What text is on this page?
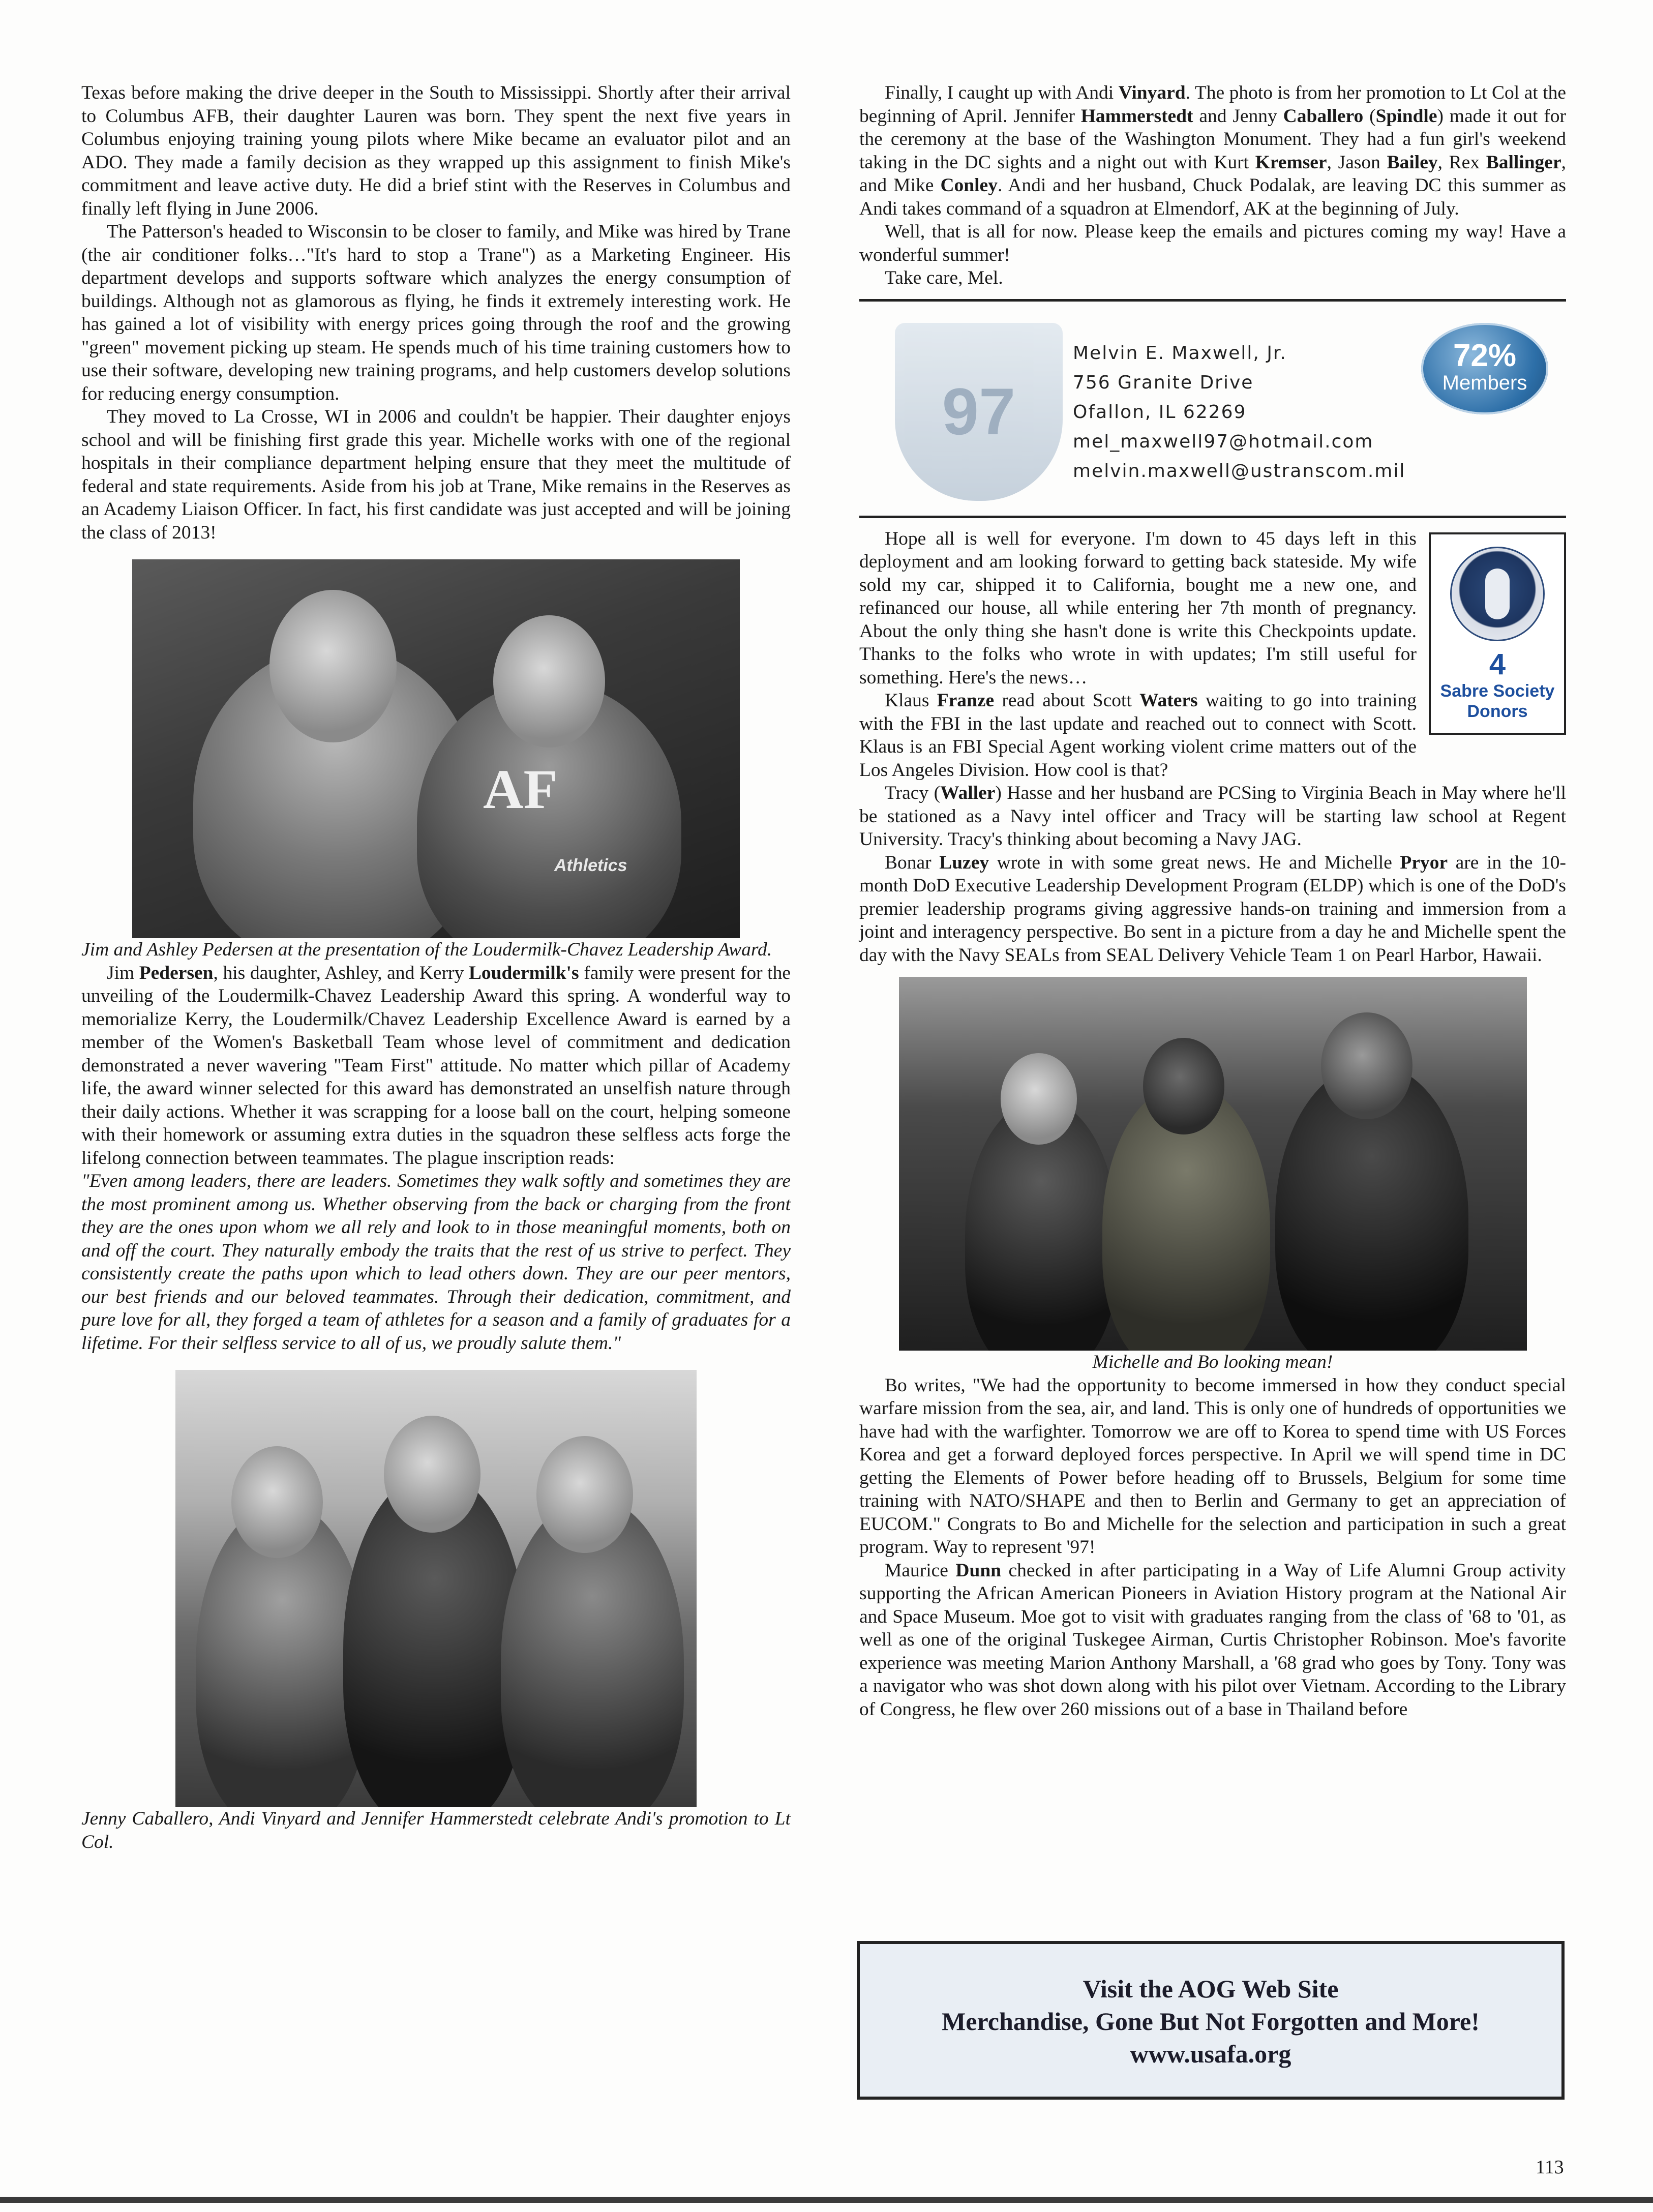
Texas before making the drive deeper in the South to Mississippi. Shortly after their arrival to Columbus AFB, their daughter Lauren was born. They spent the next five years in Columbus enjoying training young pilots where Mike became an evaluator pilot and an ADO. They made a family decision as they wrapped up this assignment to finish Mike's commitment and leave active duty. He did a brief stint with the Reserves in Columbus and finally left flying in June 2006.

The Patterson's headed to Wisconsin to be closer to family, and Mike was hired by Trane (the air conditioner folks…"It's hard to stop a Trane") as a Marketing Engineer. His department develops and supports software which analyzes the energy consumption of buildings. Although not as glamorous as flying, he finds it extremely interesting work. He has gained a lot of visibility with energy prices going through the roof and the growing "green" movement picking up steam. He spends much of his time training customers how to use their software, developing new training programs, and help customers develop solutions for reducing energy consumption.

They moved to La Crosse, WI in 2006 and couldn't be happier. Their daughter enjoys school and will be finishing first grade this year. Michelle works with one of the regional hospitals in their compliance department helping ensure that they meet the multitude of federal and state requirements. Aside from his job at Trane, Mike remains in the Reserves as an Academy Liaison Officer. In fact, his first candidate was just accepted and will be joining the class of 2013!

AF
Athletics

Jim and Ashley Pedersen at the presentation of the Loudermilk-Chavez Leadership Award.

Jim Pedersen, his daughter, Ashley, and Kerry Loudermilk's family were present for the unveiling of the Loudermilk-Chavez Leadership Award this spring. A wonderful way to memorialize Kerry, the Loudermilk/Chavez Leadership Excellence Award is earned by a member of the Women's Basketball Team whose level of commitment and dedication demonstrated a never wavering "Team First" attitude. No matter which pillar of Academy life, the award winner selected for this award has demonstrated an unselfish nature through their daily actions. Whether it was scrapping for a loose ball on the court, helping someone with their homework or assuming extra duties in the squadron these selfless acts forge the lifelong connection between teammates. The plague inscription reads:

"Even among leaders, there are leaders. Sometimes they walk softly and sometimes they are the most prominent among us. Whether observing from the back or charging from the front they are the ones upon whom we all rely and look to in those meaningful moments, both on and off the court. They naturally embody the traits that the rest of us strive to perfect. They consistently create the paths upon which to lead others down. They are our peer mentors, our best friends and our beloved teammates. Through their dedication, commitment, and pure love for all, they forged a team of athletes for a season and a family of graduates for a lifetime. For their selfless service to all of us, we proudly salute them."

Jenny Caballero, Andi Vinyard and Jennifer Hammerstedt celebrate Andi's promotion to Lt Col.

Finally, I caught up with Andi Vinyard. The photo is from her promotion to Lt Col at the beginning of April. Jennifer Hammerstedt and Jenny Caballero (Spindle) made it out for the ceremony at the base of the Washington Monument. They had a fun girl's weekend taking in the DC sights and a night out with Kurt Kremser, Jason Bailey, Rex Ballinger, and Mike Conley. Andi and her husband, Chuck Podalak, are leaving DC this summer as Andi takes command of a squadron at Elmendorf, AK at the beginning of July.

Well, that is all for now. Please keep the emails and pictures coming my way! Have a wonderful summer!

Take care, Mel.

97
Melvin E. Maxwell, Jr.
756 Granite Drive
Ofallon, IL 62269
mel_maxwell97@hotmail.com
melvin.maxwell@ustranscom.mil
72%
Members
4
Sabre Society
Donors

Hope all is well for everyone. I'm down to 45 days left in this deployment and am looking forward to getting back stateside. My wife sold my car, shipped it to California, bought me a new one, and refinanced our house, all while entering her 7th month of pregnancy. About the only thing she hasn't done is write this Checkpoints update. Thanks to the folks who wrote in with updates; I'm still useful for something. Here's the news…

Klaus Franze read about Scott Waters waiting to go into training with the FBI in the last update and reached out to connect with Scott. Klaus is an FBI Special Agent working violent crime matters out of the Los Angeles Division. How cool is that?

Tracy (Waller) Hasse and her husband are PCSing to Virginia Beach in May where he'll be stationed as a Navy intel officer and Tracy will be starting law school at Regent University. Tracy's thinking about becoming a Navy JAG.

Bonar Luzey wrote in with some great news. He and Michelle Pryor are in the 10-month DoD Executive Leadership Development Program (ELDP) which is one of the DoD's premier leadership programs giving aggressive hands-on training and immersion from a joint and interagency perspective. Bo sent in a picture from a day he and Michelle spent the day with the Navy SEALs from SEAL Delivery Vehicle Team 1 on Pearl Harbor, Hawaii.

Michelle and Bo looking mean!

Bo writes, "We had the opportunity to become immersed in how they conduct special warfare mission from the sea, air, and land. This is only one of hundreds of opportunities we have had with the warfighter. Tomorrow we are off to Korea to spend time with US Forces Korea and get a forward deployed forces perspective. In April we will spend time in DC getting the Elements of Power before heading off to Brussels, Belgium for some time training with NATO/SHAPE and then to Berlin and Germany to get an appreciation of EUCOM." Congrats to Bo and Michelle for the selection and participation in such a great program. Way to represent '97!

Maurice Dunn checked in after participating in a Way of Life Alumni Group activity supporting the African American Pioneers in Aviation History program at the National Air and Space Museum. Moe got to visit with graduates ranging from the class of '68 to '01, as well as one of the original Tuskegee Airman, Curtis Christopher Robinson. Moe's favorite experience was meeting Marion Anthony Marshall, a '68 grad who goes by Tony. Tony was a navigator who was shot down along with his pilot over Vietnam. According to the Library of Congress, he flew over 260 missions out of a base in Thailand before

Visit the AOG Web Site
Merchandise, Gone But Not Forgotten and More!
www.usafa.org
113
